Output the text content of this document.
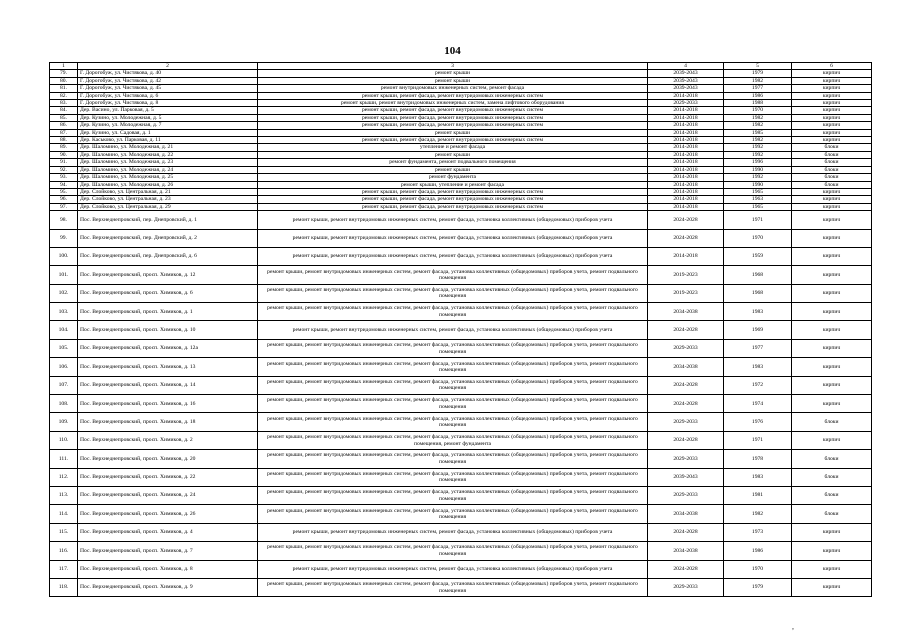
104
1	2	3	4	5	6
79.	Г. Дорогобуж, ул. Чистякова, д. 40	ремонт крыши	2039-2043	1979	кирпич
80.	Г. Дорогобуж, ул. Чистякова, д. 42	ремонт крыши	2039-2043	1982	кирпич
81.	Г. Дорогобуж, ул. Чистякова, д. 45	ремонт внутридомовых инженерных систем, ремонт фасада	2039-2043	1977	кирпич
82.	Г. Дорогобуж, ул. Чистякова, д. 6	ремонт крыши, ремонт фасада, ремонт внутридомовых инженерных систем	2014-2018	1986	кирпич
83.	Г. Дорогобуж, ул. Чистякова, д. 8	ремонт крыши, ремонт внутридомовых инженерных систем, замена лифтового оборудования	2029-2033	1988	кирпич
84.	Дер. Васино, ул. Парковая, д. 5	ремонт крыши, ремонт фасада, ремонт внутридомовых инженерных систем	2014-2018	1970	кирпич
85.	Дер. Кузино, ул. Молодежная, д. 5	ремонт крыши, ремонт фасада, ремонт внутридомовых инженерных систем	2014-2018	1982	кирпич
86.	Дер. Кузино, ул. Молодежная, д. 7	ремонт крыши, ремонт фасада, ремонт внутридомовых инженерных систем	2014-2018	1982	кирпич
87.	Дер. Кузино, ул. Садовая, д. 1	ремонт крыши	2014-2018	1985	кирпич
88.	Дер. Каськово, ул. Парковая, д. 11	ремонт крыши, ремонт фасада, ремонт внутридомовых инженерных систем	2014-2018	1982	кирпич
89.	Дер. Шаломино, ул. Молодежная, д. 21	утепление и ремонт фасада	2014-2018	1992	блоки
90.	Дер. Шаломино, ул. Молодежная, д. 22	ремонт крыши	2014-2018	1992	блоки
91.	Дер. Шаломино, ул. Молодежная, д. 23	ремонт фундамента, ремонт подвального помещения	2014-2018	1996	блоки
92.	Дер. Шаломино, ул. Молодежная, д. 24	ремонт крыши	2014-2018	1990	блоки
93.	Дер. Шаломино, ул. Молодежная, д. 25	ремонт фундамента	2014-2018	1992	блоки
94.	Дер. Шаломино, ул. Молодежная, д. 26	ремонт крыши, утепление и ремонт фасада	2014-2018	1990	блоки
95.	Дер. Слойково, ул. Центральная, д. 21	ремонт крыши, ремонт фасада, ремонт внутридомовых инженерных систем	2014-2018	1965	кирпич
96.	Дер. Слойково, ул. Центральная, д. 23	ремонт крыши, ремонт фасада, ремонт внутридомовых инженерных систем	2014-2018	1963	кирпич
97.	Дер. Слойково, ул. Центральная, д. 29	ремонт крыши, ремонт фасада, ремонт внутридомовых инженерных систем	2014-2018	1965	кирпич
98.	Пос. Верхнеднепровский, пер. Днепровский, д. 1	ремонт крыши, ремонт внутридомовых инженерных систем, ремонт фасада, установка коллективных (общедомовых) приборов учета	2024-2028	1971	кирпич
99.	Пос. Верхнеднепровский, пер. Днепровский, д. 2	ремонт крыши, ремонт внутридомовых инженерных систем, ремонт фасада, установка коллективных (общедомовых) приборов учета	2024-2028	1970	кирпич
100.	Пос. Верхнеднепровский, пер. Днепровский, д. 6	ремонт крыши, ремонт внутридомовых инженерных систем, ремонт фасада, установка коллективных (общедомовых) приборов учета	2014-2018	1959	кирпич
101.	Пос. Верхнеднепровский, просп. Химиков, д. 12	ремонт крыши, ремонт внутридомовых инженерных систем, ремонт фасада, установка коллективных (общедомовых) приборов учета, ремонт подвального помещения	2019-2023	1968	кирпич
102.	Пос. Верхнеднепровский, просп. Химиков, д. 6	ремонт крыши, ремонт внутридомовых инженерных систем, ремонт фасада, установка коллективных (общедомовых) приборов учета, ремонт подвального помещения	2019-2023	1968	кирпич
103.	Пос. Верхнеднепровский, просп. Химиков, д. 1	ремонт крыши, ремонт внутридомовых инженерных систем, ремонт фасада, установка коллективных (общедомовых) приборов учета, ремонт подвального помещения	2034-2038	1983	кирпич
104.	Пос. Верхнеднепровский, просп. Химиков, д. 10	ремонт крыши, ремонт внутридомовых инженерных систем, ремонт фасада, установка коллективных (общедомовых) приборов учета	2024-2028	1969	кирпич
105.	Пос. Верхнеднепровский, просп. Химиков, д. 12а	ремонт крыши, ремонт внутридомовых инженерных систем, ремонт фасада, установка коллективных (общедомовых) приборов учета, ремонт подвального помещения	2029-2033	1977	кирпич
106.	Пос. Верхнеднепровский, просп. Химиков, д. 13	ремонт крыши, ремонт внутридомовых инженерных систем, ремонт фасада, установка коллективных (общедомовых) приборов учета, ремонт подвального помещения	2034-2038	1983	кирпич
107.	Пос. Верхнеднепровский, просп. Химиков, д. 14	ремонт крыши, ремонт внутридомовых инженерных систем, ремонт фасада, установка коллективных (общедомовых) приборов учета, ремонт подвального помещения	2024-2028	1972	кирпич
108.	Пос. Верхнеднепровский, просп. Химиков, д. 16	ремонт крыши, ремонт внутридомовых инженерных систем, ремонт фасада, установка коллективных (общедомовых) приборов учета, ремонт подвального помещения	2024-2028	1974	кирпич
109.	Пос. Верхнеднепровский, просп. Химиков, д. 18	ремонт крыши, ремонт внутридомовых инженерных систем, ремонт фасада, установка коллективных (общедомовых) приборов учета, ремонт подвального помещения	2029-2033	1976	блоки
110.	Пос. Верхнеднепровский, просп. Химиков, д. 2	ремонт крыши, ремонт внутридомовых инженерных систем, ремонт фасада, установка коллективных (общедомовых) приборов учета, ремонт подвального помещения, ремонт фундамента	2024-2028	1971	кирпич
111.	Пос. Верхнеднепровский, просп. Химиков, д. 20	ремонт крыши, ремонт внутридомовых инженерных систем, ремонт фасада, установка коллективных (общедомовых) приборов учета, ремонт подвального помещения	2029-2033	1978	блоки
112.	Пос. Верхнеднепровский, просп. Химиков, д. 22	ремонт крыши, ремонт внутридомовых инженерных систем, ремонт фасада, установка коллективных (общедомовых) приборов учета, ремонт подвального помещения	2039-2043	1983	блоки
113.	Пос. Верхнеднепровский, просп. Химиков, д. 24	ремонт крыши, ремонт внутридомовых инженерных систем, ремонт фасада, установка коллективных (общедомовых) приборов учета, ремонт подвального помещения	2029-2033	1981	блоки
114.	Пос. Верхнеднепровский, просп. Химиков, д. 26	ремонт крыши, ремонт внутридомовых инженерных систем, ремонт фасада, установка коллективных (общедомовых) приборов учета, ремонт подвального помещения	2034-2038	1982	блоки
115.	Пос. Верхнеднепровский, просп. Химиков, д. 4	ремонт крыши, ремонт внутридомовых инженерных систем, ремонт фасада, установка коллективных (общедомовых) приборов учета	2024-2028	1973	кирпич
116.	Пос. Верхнеднепровский, просп. Химиков, д. 7	ремонт крыши, ремонт внутридомовых инженерных систем, ремонт фасада, установка коллективных (общедомовых) приборов учета, ремонт подвального помещения	2034-2038	1986	кирпич
117.	Пос. Верхнеднепровский, просп. Химиков, д. 8	ремонт крыши, ремонт внутридомовых инженерных систем, ремонт фасада, установка коллективных (общедомовых) приборов учета	2024-2028	1970	кирпич
118.	Пос. Верхнеднепровский, просп. Химиков, д. 9	ремонт крыши, ремонт внутридомовых инженерных систем, ремонт фасада, установка коллективных (общедомовых) приборов учета, ремонт подвального помещения	2029-2033	1979	кирпич
,
